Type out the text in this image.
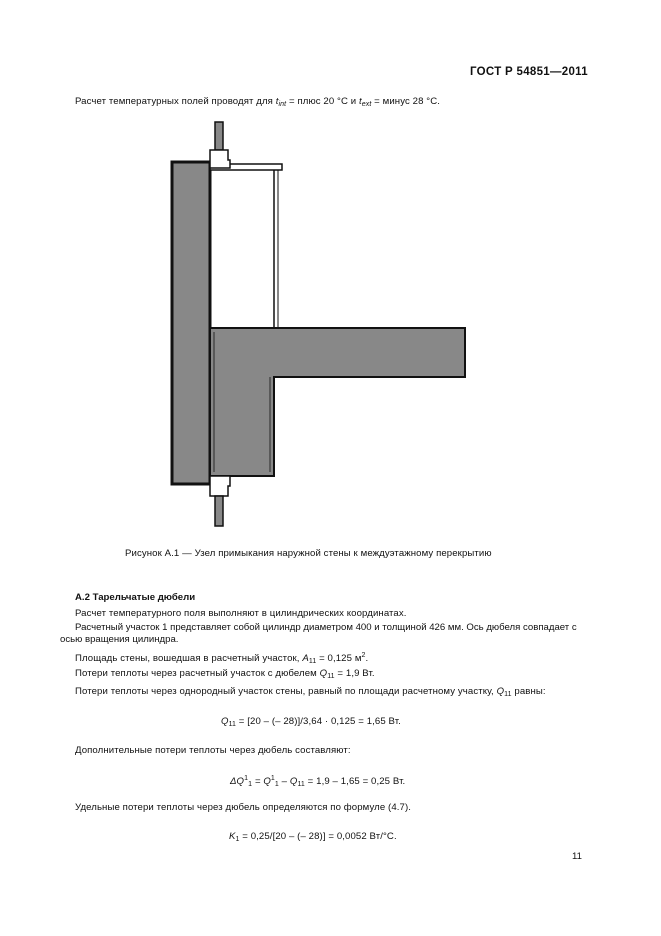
ГОСТ Р 54851—2011
Расчет температурных полей проводят для $t_{int}$ = плюс 20 °C и $t_{ext}$ = минус 28 °C.
Рисунок А.1 — Узел примыкания наружной стены к междуэтажному перекрытию
А.2 Тарельчатые дюбели
Расчет температурного поля выполняют в цилиндрических координатах.

Расчетный участок 1 представляет собой цилиндр диаметром 400 и толщиной 426 мм. Ось дюбеля совпадает с осью вращения цилиндра.

Площадь стены, вошедшая в расчетный участок, $A_{11} = 0,125$ $м^2$.
Потери теплоты через расчетный участок с дюбелем $Q_{11} = 1,9$ Вт.
Потери теплоты через однородный участок стены, равный по площади расчетному участку, $Q_{11}$ равны:
$Q_{11} = [20$ – (– 28)]/3,64 · 0,125 = 1,65 Вт.
Дополнительные потери теплоты через дюбель составляют:
$\Delta Q^1_1 = Q^1_1 - Q_{11} = 1,9 - 1,65 = 0,25$ Вт.
Удельные потери теплоты через дюбель определяются по формуле (4.7).
$K_1 = 0,25/[20$ – (– 28)] = 0,0052 Вт/°С.
11
